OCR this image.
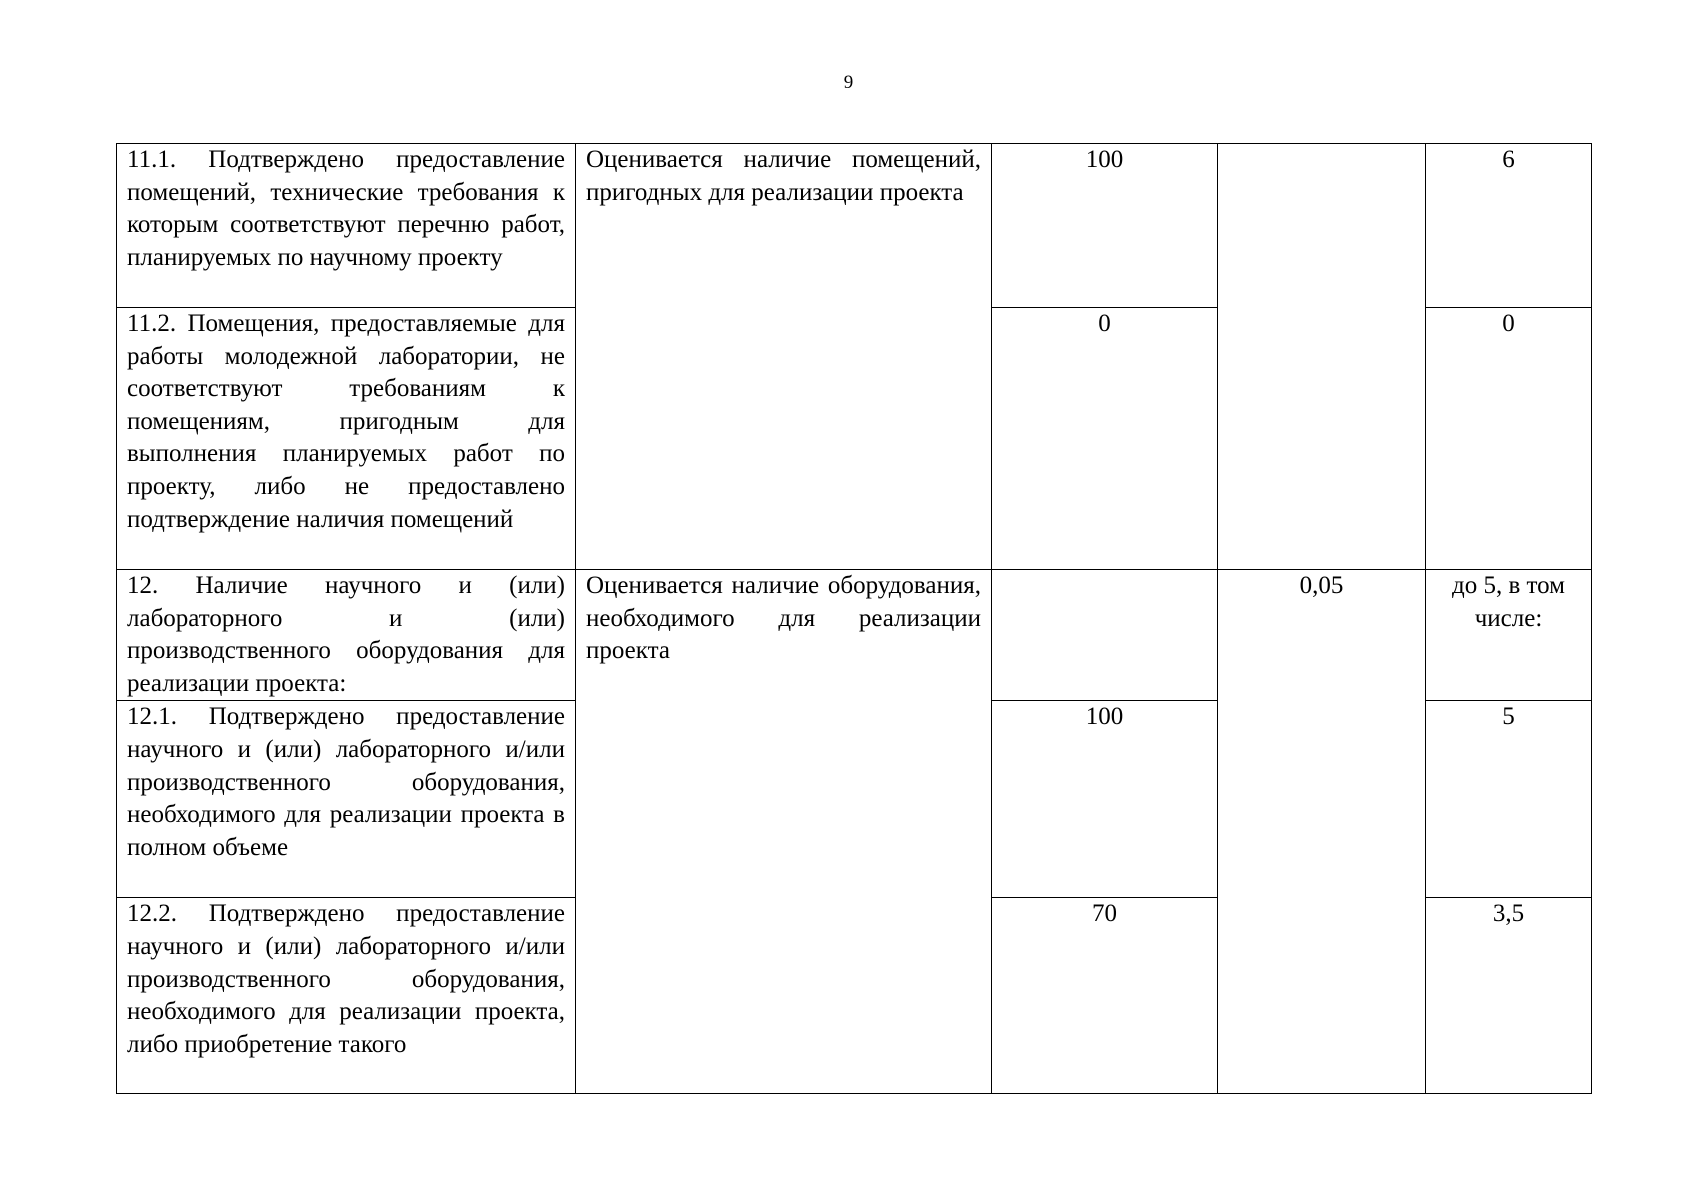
9
11.1. Подтверждено предоставление помещений, технические требования к которым соответствуют перечню работ, планируемых по научному проекту	Оценивается наличие помещений, пригодных для реализации проекта	100		6
11.2. Помещения, предоставляемые для работы молодежной лаборатории, не соответствуют требованиям к помещениям, пригодным для выполнения планируемых работ по проекту, либо не предоставлено подтверждение наличия помещений		0		0
12. Наличие научного и (или) лабораторного и (или) производственного оборудования для реализации проекта:	Оценивается наличие оборудования, необходимого для реализации проекта		0,05	до 5, в том числе:
12.1. Подтверждено предоставление научного и (или) лабораторного и/или производственного оборудования, необходимого для реализации проекта в полном объеме		100		5
12.2. Подтверждено предоставление научного и (или) лабораторного и/или производственного оборудования, необходимого для реализации проекта, либо приобретение такого		70		3,5
